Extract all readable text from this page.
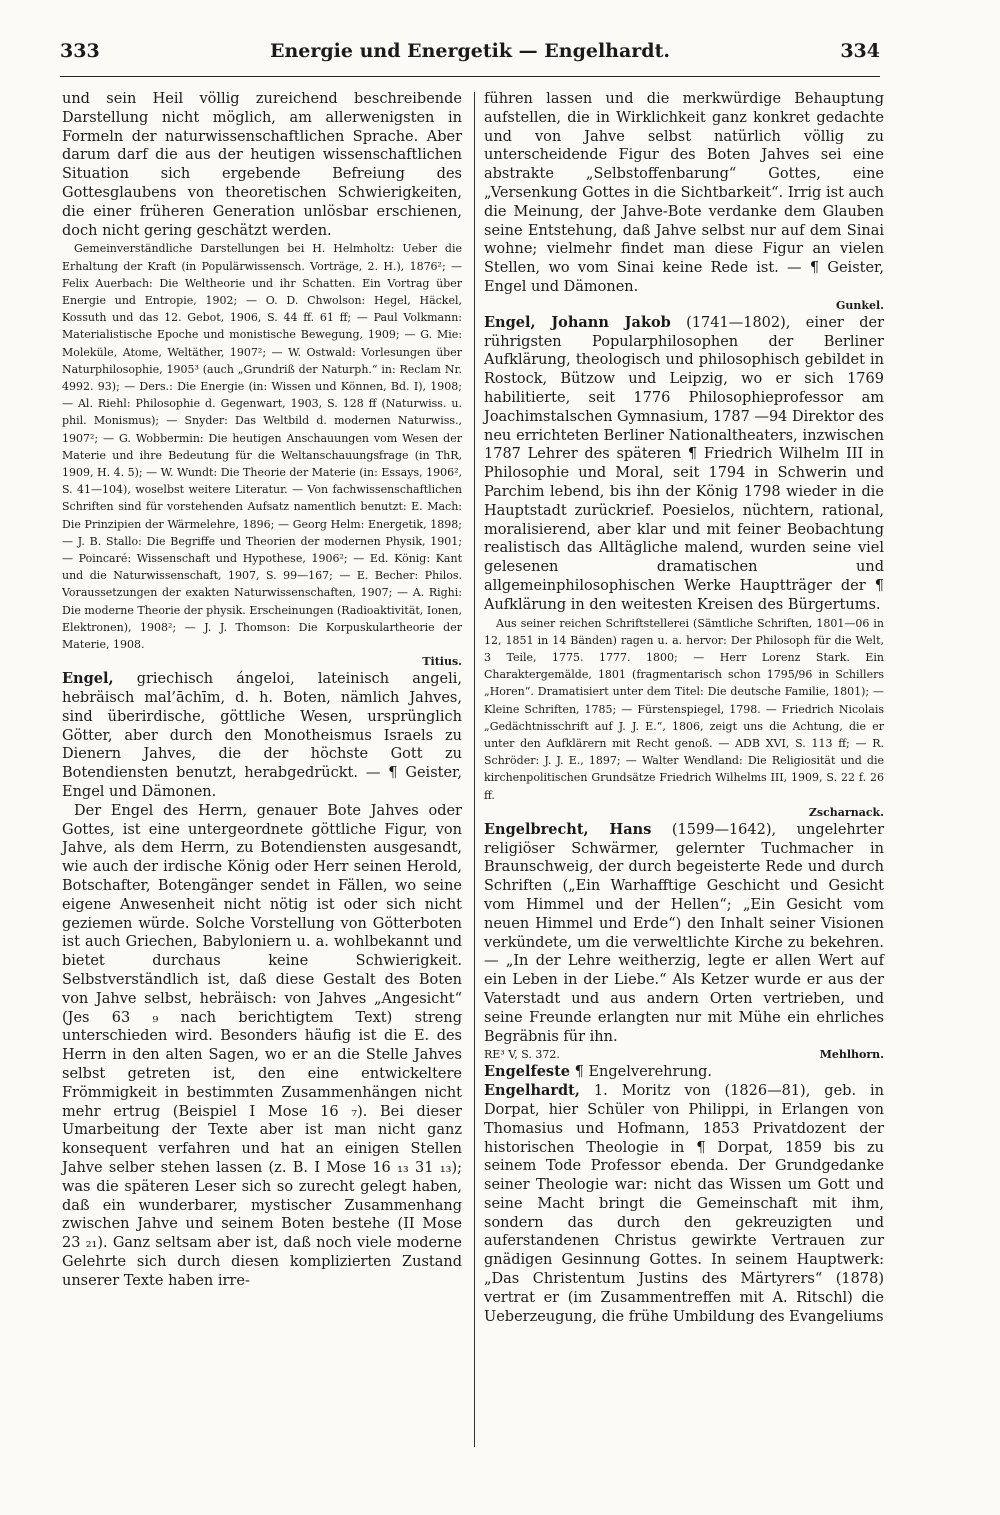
333	Energie und Energetik — Engelhardt.	334

und sein Heil völlig zureichend beschreibende Darstellung nicht möglich, am allerwenigsten in Formeln der naturwissenschaftlichen Sprache. Aber darum darf die aus der heutigen wissenschaftlichen Situation sich ergebende Befreiung des Gottesglaubens von theoretischen Schwierigkeiten, die einer früheren Generation unlösbar erschienen, doch nicht gering geschätzt werden.

Gemeinverständliche Darstellungen bei H. Helmholtz: Ueber die Erhaltung der Kraft (in Populärwissensch. Vorträge, 2. H.), 1876²; — Felix Auerbach: Die Weltheorie und ihr Schatten. Ein Vortrag über Energie und Entropie, 1902; — O. D. Chwolson: Hegel, Häckel, Kossuth und das 12. Gebot, 1906, S. 44 ff. 61 ff; — Paul Volkmann: Materialistische Epoche und monistische Bewegung, 1909; — G. Mie: Moleküle, Atome, Weltäther, 1907²; — W. Ostwald: Vorlesungen über Naturphilosophie, 1905³ (auch „Grundriß der Naturph.“ in: Reclam Nr. 4992. 93); — Ders.: Die Energie (in: Wissen und Können, Bd. I), 1908; — Al. Riehl: Philosophie d. Gegenwart, 1903, S. 128 ff (Naturwiss. u. phil. Monismus); — Snyder: Das Weltbild d. modernen Naturwiss., 1907²; — G. Wobbermin: Die heutigen Anschauungen vom Wesen der Materie und ihre Bedeutung für die Weltanschauungsfrage (in ThR, 1909, H. 4. 5); — W. Wundt: Die Theorie der Materie (in: Essays, 1906², S. 41—104), woselbst weitere Literatur. — Von fachwissenschaftlichen Schriften sind für vorstehenden Aufsatz namentlich benutzt: E. Mach: Die Prinzipien der Wärmelehre, 1896; — Georg Helm: Energetik, 1898; — J. B. Stallo: Die Begriffe und Theorien der modernen Physik, 1901; — Poincaré: Wissenschaft und Hypothese, 1906²; — Ed. König: Kant und die Naturwissenschaft, 1907, S. 99—167; — E. Becher: Philos. Voraussetzungen der exakten Naturwissenschaften, 1907; — A. Righi: Die moderne Theorie der physik. Erscheinungen (Radioaktivität, Ionen, Elektronen), 1908²; — J. J. Thomson: Die Korpuskulartheorie der Materie, 1908.

Titius.

Engel, griechisch ángeloi, lateinisch angeli, hebräisch mal’āchīm, d. h. Boten, nämlich Jahves, sind überirdische, göttliche Wesen, ursprünglich Götter, aber durch den Monotheismus Israels zu Dienern Jahves, die der höchste Gott zu Botendiensten benutzt, herabgedrückt. — ¶ Geister, Engel und Dämonen.

Der Engel des Herrn, genauer Bote Jahves oder Gottes, ist eine untergeordnete göttliche Figur, von Jahve, als dem Herrn, zu Botendiensten ausgesandt, wie auch der irdische König oder Herr seinen Herold, Botschafter, Botengänger sendet in Fällen, wo seine eigene Anwesenheit nicht nötig ist oder sich nicht geziemen würde. Solche Vorstellung von Götterboten ist auch Griechen, Babyloniern u. a. wohlbekannt und bietet durchaus keine Schwierigkeit. Selbstverständlich ist, daß diese Gestalt des Boten von Jahve selbst, hebräisch: von Jahves „Angesicht“ (Jes 63 ₉ nach berichtigtem Text) streng unterschieden wird. Besonders häufig ist die E. des Herrn in den alten Sagen, wo er an die Stelle Jahves selbst getreten ist, den eine entwickeltere Frömmigkeit in bestimmten Zusammenhängen nicht mehr ertrug (Beispiel I Mose 16 ₇). Bei dieser Umarbeitung der Texte aber ist man nicht ganz konsequent verfahren und hat an einigen Stellen Jahve selber stehen lassen (z. B. I Mose 16 ₁₃ 31 ₁₃); was die späteren Leser sich so zurecht gelegt haben, daß ein wunderbarer, mystischer Zusammenhang zwischen Jahve und seinem Boten bestehe (II Mose 23 ₂₁). Ganz seltsam aber ist, daß noch viele moderne Gelehrte sich durch diesen komplizierten Zustand unserer Texte haben irre-

führen lassen und die merkwürdige Behauptung aufstellen, die in Wirklichkeit ganz konkret gedachte und von Jahve selbst natürlich völlig zu unterscheidende Figur des Boten Jahves sei eine abstrakte „Selbstoffenbarung“ Gottes, eine „Versenkung Gottes in die Sichtbarkeit“. Irrig ist auch die Meinung, der Jahve-Bote verdanke dem Glauben seine Entstehung, daß Jahve selbst nur auf dem Sinai wohne; vielmehr findet man diese Figur an vielen Stellen, wo vom Sinai keine Rede ist. — ¶ Geister, Engel und Dämonen.

Gunkel.

Engel, Johann Jakob (1741—1802), einer der rührigsten Popularphilosophen der Berliner Aufklärung, theologisch und philosophisch gebildet in Rostock, Bützow und Leipzig, wo er sich 1769 habilitierte, seit 1776 Philosophieprofessor am Joachimstalschen Gymnasium, 1787 —94 Direktor des neu errichteten Berliner Nationaltheaters, inzwischen 1787 Lehrer des späteren ¶ Friedrich Wilhelm III in Philosophie und Moral, seit 1794 in Schwerin und Parchim lebend, bis ihn der König 1798 wieder in die Hauptstadt zurückrief. Poesielos, nüchtern, rational, moralisierend, aber klar und mit feiner Beobachtung realistisch das Alltägliche malend, wurden seine viel gelesenen dramatischen und allgemeinphilosophischen Werke Hauptträger der ¶ Aufklärung in den weitesten Kreisen des Bürgertums.

Aus seiner reichen Schriftstellerei (Sämtliche Schriften, 1801—06 in 12, 1851 in 14 Bänden) ragen u. a. hervor: Der Philosoph für die Welt, 3 Teile, 1775. 1777. 1800; — Herr Lorenz Stark. Ein Charaktergemälde, 1801 (fragmentarisch schon 1795/96 in Schillers „Horen“. Dramatisiert unter dem Titel: Die deutsche Familie, 1801); — Kleine Schriften, 1785; — Fürstenspiegel, 1798. — Friedrich Nicolais „Gedächtnisschrift auf J. J. E.“, 1806, zeigt uns die Achtung, die er unter den Aufklärern mit Recht genoß. — ADB XVI, S. 113 ff; — R. Schröder: J. J. E., 1897; — Walter Wendland: Die Religiosität und die kirchenpolitischen Grundsätze Friedrich Wilhelms III, 1909, S. 22 f. 26 ff.

Zscharnack.

Engelbrecht, Hans (1599—1642), ungelehrter religiöser Schwärmer, gelernter Tuchmacher in Braunschweig, der durch begeisterte Rede und durch Schriften („Ein Warhafftige Geschicht und Gesicht vom Himmel und der Hellen“; „Ein Gesicht vom neuen Himmel und Erde“) den Inhalt seiner Visionen verkündete, um die verweltlichte Kirche zu bekehren. — „In der Lehre weitherzig, legte er allen Wert auf ein Leben in der Liebe.“ Als Ketzer wurde er aus der Vaterstadt und aus andern Orten vertrieben, und seine Freunde erlangten nur mit Mühe ein ehrliches Begräbnis für ihn.

RE³ V, S. 372.	Mehlhorn.

Engelfeste ¶ Engelverehrung.

Engelhardt, 1. Moritz von (1826—81), geb. in Dorpat, hier Schüler von Philippi, in Erlangen von Thomasius und Hofmann, 1853 Privatdozent der historischen Theologie in ¶ Dorpat, 1859 bis zu seinem Tode Professor ebenda. Der Grundgedanke seiner Theologie war: nicht das Wissen um Gott und seine Macht bringt die Gemeinschaft mit ihm, sondern das durch den gekreuzigten und auferstandenen Christus gewirkte Vertrauen zur gnädigen Gesinnung Gottes. In seinem Hauptwerk: „Das Christentum Justins des Märtyrers“ (1878) vertrat er (im Zusammentreffen mit A. Ritschl) die Ueberzeugung, die frühe Umbildung des Evangeliums
